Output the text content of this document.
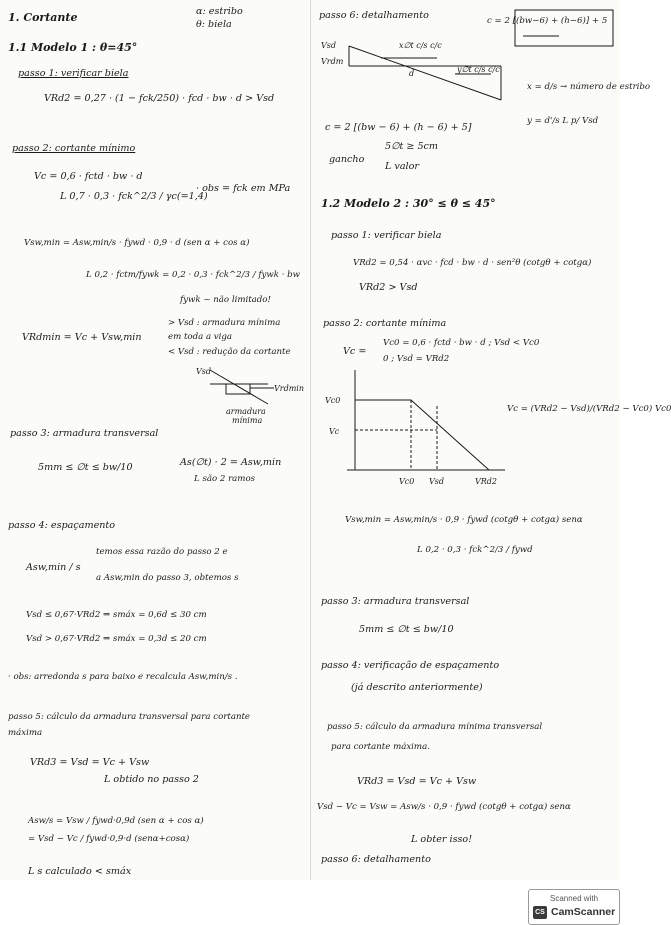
1. Cortante	α: estribo
θ: biela
1.1 Modelo 1 : θ=45°
passo 1: verificar biela
VRd2 = 0,27 · (1 − fck/250) · fcd · bw · d > Vsd
passo 2: cortante mínimo
Vc = 0,6 · fctd · bw · d
L 0,7 · 0,3 · fck^2/3 / γc(=1,4)
· obs = fck em MPa
Vsw,min = Asw,min/s · fywd · 0,9 · d (sen α + cos α)
L 0,2 · fctm/fywk = 0,2 · 0,3 · fck^2/3 / fywk · bw
fywk ~ não limitado!
VRdmin = Vc + Vsw,min
> Vsd : armadura mínima
em toda a viga
< Vsd : redução da cortante
Vsd
Vrdmin
armadura
mínima
passo 3: armadura transversal
5mm ≤ ∅t ≤ bw/10	As(∅t) · 2 = Asw,min
L são 2 ramos
passo 4: espaçamento
Asw,min / s
temos essa razão do passo 2 e
a Asw,min do passo 3, obtemos s
Vsd ≤ 0,67·VRd2 ⇒ smáx = 0,6d ≤ 30 cm
Vsd > 0,67·VRd2 ⇒ smáx = 0,3d ≤ 20 cm
· obs: arredonda s para baixo e recalcula Asw,min/s .
passo 5: cálculo da armadura transversal para cortante
máxima
VRd3 = Vsd = Vc + Vsw
L obtido no passo 2
Asw/s = Vsw / fywd·0,9d (sen α + cos α)
= Vsd − Vc / fywd·0,9·d (senα+cosα)
L s calculado < smáx
passo 6: detalhamento	c = 2 [(bw−6) + (h−6)] + 5
Vsd
Vrdm
x∅t c/s c/c
y∅t c/s c/c
d
x = d/s → número de estribo
y = d'/s L p/ Vsd
c = 2 [(bw − 6) + (h − 6) + 5]
gancho
5∅t ≥ 5cm
L valor
1.2 Modelo 2 : 30° ≤ θ ≤ 45°
passo 1: verificar biela
VRd2 = 0,54 · αvc · fcd · bw · d · sen²θ (cotgθ + cotgα)
VRd2 > Vsd
passo 2: cortante mínima
Vc =
Vc0 = 0,6 · fctd · bw · d ; Vsd < Vc0
0 ; Vsd = VRd2
Vc0
Vc
Vc0 Vsd	VRd2
Vc = (VRd2 − Vsd)/(VRd2 − Vc0) Vc0
Vsw,min = Asw,min/s · 0,9 · fywd (cotgθ + cotgα) senα
L 0,2 · 0,3 · fck^2/3 / fywd
passo 3: armadura transversal
5mm ≤ ∅t ≤ bw/10
passo 4: verificação de espaçamento
(já descrito anteriormente)
passo 5: cálculo da armadura mínima transversal
para cortante máxima.
VRd3 = Vsd = Vc + Vsw
Vsd − Vc = Vsw = Asw/s · 0,9 · fywd (cotgθ + cotgα) senα
L obter isso!
passo 6: detalhamento
Scanned with
CS CamScanner
